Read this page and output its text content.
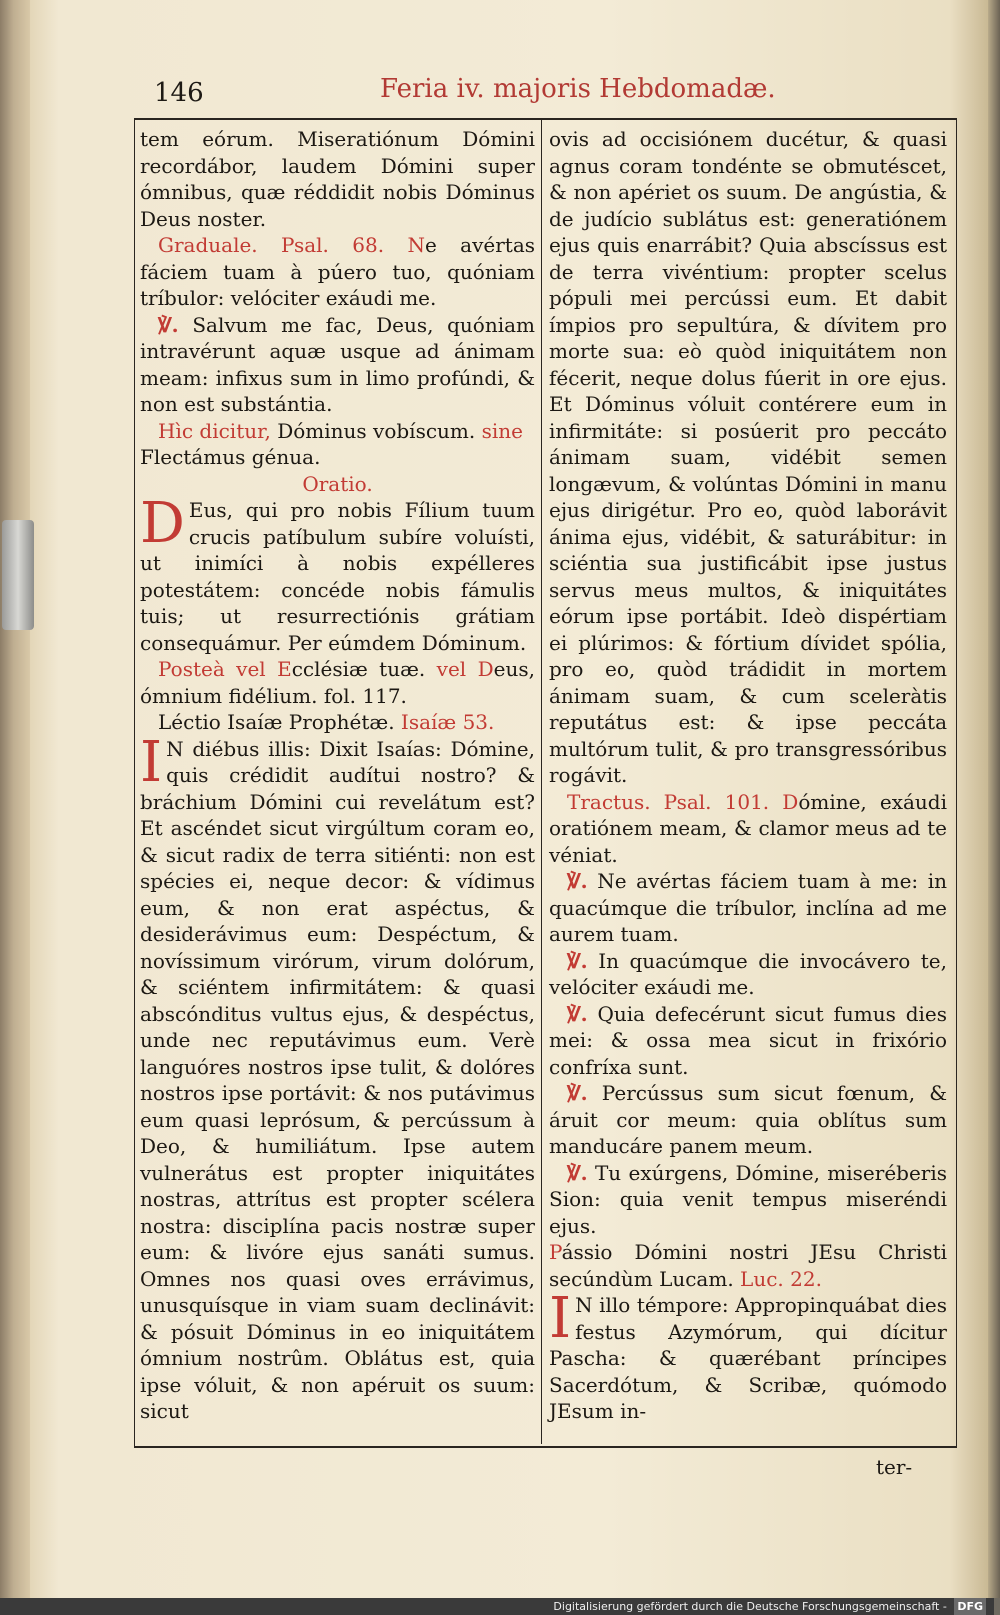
146	Feria iv. majoris Hebdomadæ.

tem eórum. Miseratiónum Dómini recordábor, laudem Dómini super ómnibus, quæ réddidit nobis Dóminus Deus noster.

Graduale. Psal. 68. Ne avértas fáciem tuam à púero tuo, quóniam tríbulor: velóciter exáudi me.

℣. Salvum me fac, Deus, quóniam intravérunt aquæ usque ad ánimam meam: infixus sum in limo profúndi, & non est substántia.

Hìc dicitur, Dóminus vobíscum. sine

Flectámus génua.

Oratio.

D Eus, qui pro nobis Fílium tuum crucis patíbulum subíre voluísti, ut inimíci à nobis expélleres potestátem: concéde nobis fámulis tuis; ut resurrectiónis grátiam consequámur. Per eúmdem Dóminum.

Posteà vel Ecclésiæ tuæ. vel Deus, ómnium fidélium. fol. 117.

Léctio Isaíæ Prophétæ. Isaíæ 53.

I N diébus illis: Dixit Isaías: Dómine, quis crédidit audítui nostro? & bráchium Dómini cui revelátum est? Et ascéndet sicut virgúltum coram eo, & sicut radix de terra sitiénti: non est spécies ei, neque decor: & vídimus eum, & non erat aspéctus, & desiderávimus eum: Despéctum, & novíssimum virórum, virum dolórum, & sciéntem infirmitátem: & quasi abscónditus vultus ejus, & despéctus, unde nec reputávimus eum. Verè languóres nostros ipse tulit, & dolóres nostros ipse portávit: & nos putávimus eum quasi leprósum, & percússum à Deo, & humiliátum. Ipse autem vulnerátus est propter iniquitátes nostras, attrítus est propter scélera nostra: disciplína pacis nostræ super eum: & livóre ejus sanáti sumus. Omnes nos quasi oves errávimus, unusquísque in viam suam declinávit: & pósuit Dóminus in eo iniquitátem ómnium nostrûm. Oblátus est, quia ipse vóluit, & non apéruit os suum: sicut

ovis ad occisiónem ducétur, & quasi agnus coram tondénte se obmutéscet, & non apériet os suum. De angústia, & de judício sublátus est: generatiónem ejus quis enarrábit? Quia abscíssus est de terra vivéntium: propter scelus pópuli mei percússi eum. Et dabit ímpios pro sepultúra, & dívitem pro morte sua: eò quòd iniquitátem non fécerit, neque dolus fúerit in ore ejus. Et Dóminus vóluit contérere eum in infirmitáte: si posúerit pro peccáto ánimam suam, vidébit semen longævum, & volúntas Dómini in manu ejus dirigétur. Pro eo, quòd laborávit ánima ejus, vidébit, & saturábitur: in sciéntia sua justificábit ipse justus servus meus multos, & iniquitátes eórum ipse portábit. Ideò dispértiam ei plúrimos: & fórtium dívidet spólia, pro eo, quòd trádidit in mortem ánimam suam, & cum sceleràtis reputátus est: & ipse peccáta multórum tulit, & pro transgressóribus rogávit.

Tractus. Psal. 101. Dómine, exáudi oratiónem meam, & clamor meus ad te véniat.

℣. Ne avértas fáciem tuam à me: in quacúmque die tríbulor, inclína ad me aurem tuam.

℣. In quacúmque die invocávero te, velóciter exáudi me.

℣. Quia defecérunt sicut fumus dies mei: & ossa mea sicut in frixório confríxa sunt.

℣. Percússus sum sicut fœnum, & áruit cor meum: quia oblítus sum manducáre panem meum.

℣. Tu exúrgens, Dómine, miseréberis Sion: quia venit tempus miseréndi ejus.

Pássio Dómini nostri JEsu Christi secúndùm Lucam. Luc. 22.

I N illo témpore: Appropinquábat dies festus Azymórum, qui dícitur Pascha: & quærébant príncipes Sacerdótum, & Scribæ, quómodo JEsum in-

ter-
Digitalisierung gefördert durch die Deutsche Forschungsgemeinschaft - DFG
